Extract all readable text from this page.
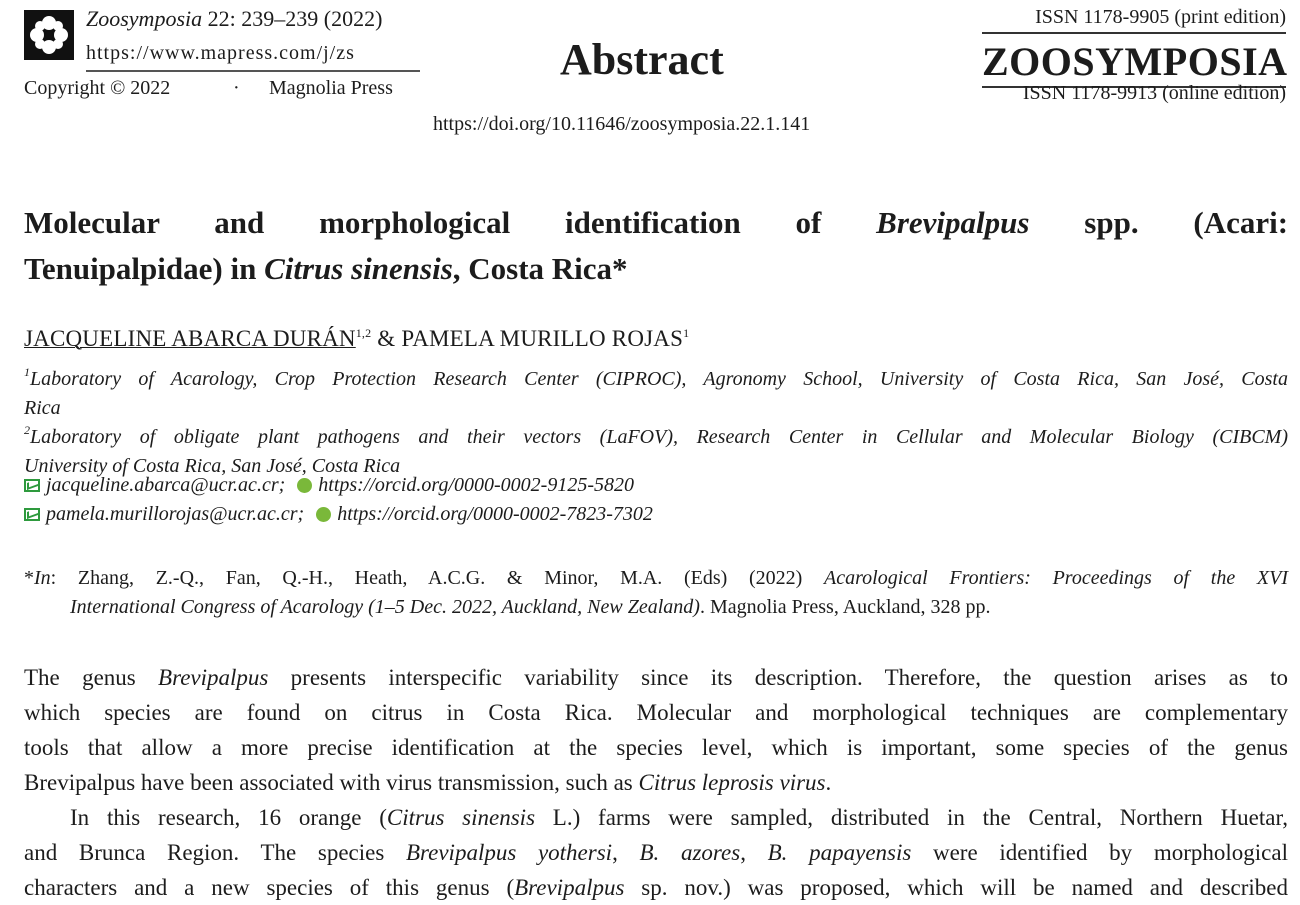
Zoosymposia 22: 239–239 (2022)
https://www.mapress.com/j/zs
Copyright © 2022	· Magnolia Press
Abstract
ISSN 1178-9905 (print edition)
ZOOSYMPOSIA
ISSN 1178-9913 (online edition)
https://doi.org/10.11646/zoosymposia.22.1.141
Molecular and morphological identification of Brevipalpus spp. (Acari:
Tenuipalpidae) in Citrus sinensis, Costa Rica*
JACQUELINE ABARCA DURÁN$^{1,2}$ & PAMELA MURILLO ROJAS$^1$
$^1$Laboratory of Acarology, Crop Protection Research Center (CIPROC), Agronomy School, University of Costa Rica, San José, Costa
Rica
$^2$Laboratory of obligate plant pathogens and their vectors (LaFOV), Research Center in Cellular and Molecular Biology (CIBCM)
University of Costa Rica, San José, Costa Rica
jacqueline.abarca@ucr.ac.cr; https://orcid.org/0000-0002-9125-5820
pamela.murillorojas@ucr.ac.cr; https://orcid.org/0000-0002-7823-7302
*In: Zhang, Z.-Q., Fan, Q.-H., Heath, A.C.G. & Minor, M.A. (Eds) (2022) Acarological Frontiers: Proceedings of the XVI
International Congress of Acarology (1–5 Dec. 2022, Auckland, New Zealand). Magnolia Press, Auckland, 328 pp.
The genus Brevipalpus presents interspecific variability since its description. Therefore, the question arises as to
which species are found on citrus in Costa Rica. Molecular and morphological techniques are complementary
tools that allow a more precise identification at the species level, which is important, some species of the genus
Brevipalpus have been associated with virus transmission, such as Citrus leprosis virus.
In this research, 16 orange (Citrus sinensis L.) farms were sampled, distributed in the Central, Northern Huetar,
and Brunca Region. The species Brevipalpus yothersi, B. azores, B. papayensis were identified by morphological
characters and a new species of this genus (Brevipalpus sp. nov.) was proposed, which will be named and described
